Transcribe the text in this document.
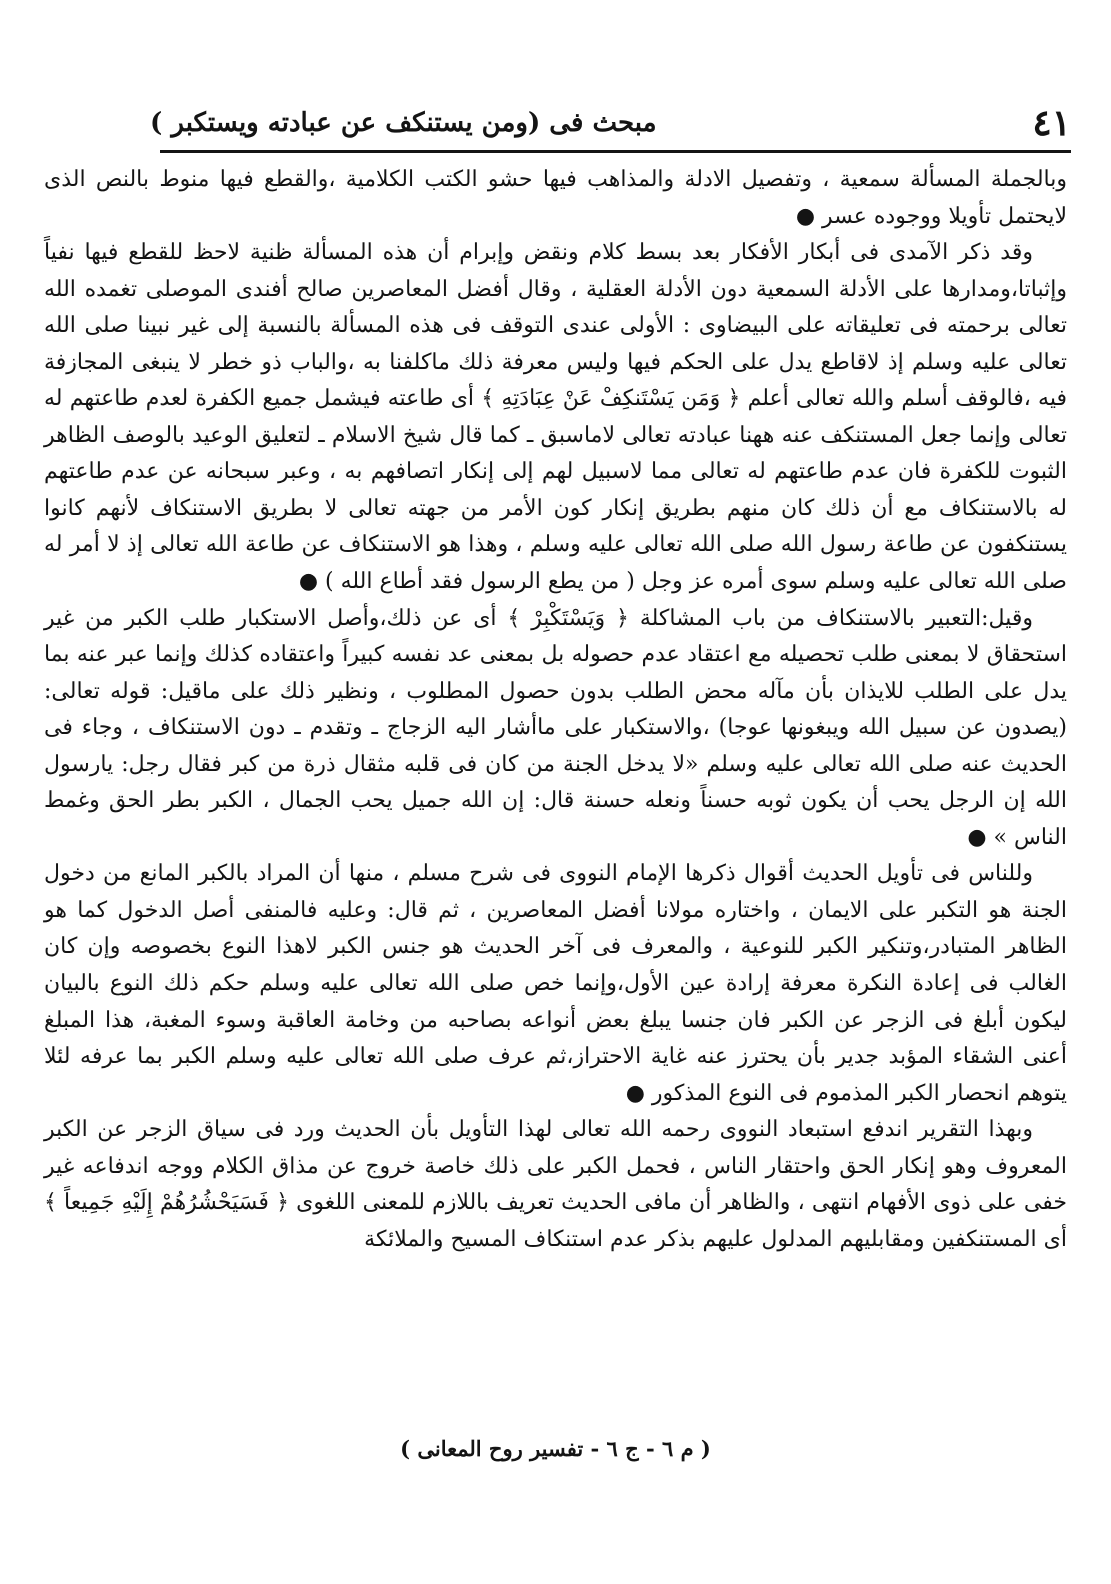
مبحث فى (ومن يستنكف عن عبادته ويستكبر )	٤١

وبالجملة المسألة سمعية ، وتفصيل الادلة والمذاهب فيها حشو الكتب الكلامية ،والقطع فيها منوط بالنص الذى لايحتمل تأويلا ووجوده عسر ●

وقد ذكر الآمدى فى أبكار الأفكار بعد بسط كلام ونقض وإبرام أن هذه المسألة ظنية لاحظ للقطع فيها نفياً وإثباتا،ومدارها على الأدلة السمعية دون الأدلة العقلية ، وقال أفضل المعاصرين صالح أفندى الموصلى تغمده الله تعالى برحمته فى تعليقاته على البيضاوى : الأولى عندى التوقف فى هذه المسألة بالنسبة إلى غير نبينا صلى الله تعالى عليه وسلم إذ لاقاطع يدل على الحكم فيها وليس معرفة ذلك ماكلفنا به ،والباب ذو خطر لا ينبغى المجازفة فيه ،فالوقف أسلم والله تعالى أعلم ﴿ وَمَن يَسْتَنكِفْ عَنْ عِبَادَتِهِ ﴾ أى طاعته فيشمل جميع الكفرة لعدم طاعتهم له تعالى وإنما جعل المستنكف عنه ههنا عبادته تعالى لاماسبق ـ كما قال شيخ الاسلام ـ لتعليق الوعيد بالوصف الظاهر الثبوت للكفرة فان عدم طاعتهم له تعالى مما لاسبيل لهم إلى إنكار اتصافهم به ، وعبر سبحانه عن عدم طاعتهم له بالاستنكاف مع أن ذلك كان منهم بطريق إنكار كون الأمر من جهته تعالى لا بطريق الاستنكاف لأنهم كانوا يستنكفون عن طاعة رسول الله صلى الله تعالى عليه وسلم ، وهذا هو الاستنكاف عن طاعة الله تعالى إذ لا أمر له صلى الله تعالى عليه وسلم سوى أمره عز وجل ( من يطع الرسول فقد أطاع الله ) ●

وقيل:التعبير بالاستنكاف من باب المشاكلة ﴿ وَيَسْتَكْبِرْ ﴾ أى عن ذلك،وأصل الاستكبار طلب الكبر من غير استحقاق لا بمعنى طلب تحصيله مع اعتقاد عدم حصوله بل بمعنى عد نفسه كبيراً واعتقاده كذلك وإنما عبر عنه بما يدل على الطلب للايذان بأن مآله محض الطلب بدون حصول المطلوب ، ونظير ذلك على ماقيل: قوله تعالى: (يصدون عن سبيل الله ويبغونها عوجا) ،والاستكبار على ماأشار اليه الزجاج ـ وتقدم ـ دون الاستنكاف ، وجاء فى الحديث عنه صلى الله تعالى عليه وسلم «لا يدخل الجنة من كان فى قلبه مثقال ذرة من كبر فقال رجل: يارسول الله إن الرجل يحب أن يكون ثوبه حسناً ونعله حسنة قال: إن الله جميل يحب الجمال ، الكبر بطر الحق وغمط الناس » ●

وللناس فى تأويل الحديث أقوال ذكرها الإمام النووى فى شرح مسلم ، منها أن المراد بالكبر المانع من دخول الجنة هو التكبر على الايمان ، واختاره مولانا أفضل المعاصرين ، ثم قال: وعليه فالمنفى أصل الدخول كما هو الظاهر المتبادر،وتنكير الكبر للنوعية ، والمعرف فى آخر الحديث هو جنس الكبر لاهذا النوع بخصوصه وإن كان الغالب فى إعادة النكرة معرفة إرادة عين الأول،وإنما خص صلى الله تعالى عليه وسلم حكم ذلك النوع بالبيان ليكون أبلغ فى الزجر عن الكبر فان جنسا يبلغ بعض أنواعه بصاحبه من وخامة العاقبة وسوء المغبة، هذا المبلغ أعنى الشقاء المؤبد جدير بأن يحترز عنه غاية الاحتراز،ثم عرف صلى الله تعالى عليه وسلم الكبر بما عرفه لئلا يتوهم انحصار الكبر المذموم فى النوع المذكور ●

وبهذا التقرير اندفع استبعاد النووى رحمه الله تعالى لهذا التأويل بأن الحديث ورد فى سياق الزجر عن الكبر المعروف وهو إنكار الحق واحتقار الناس ، فحمل الكبر على ذلك خاصة خروج عن مذاق الكلام ووجه اندفاعه غير خفى على ذوى الأفهام انتهى ، والظاهر أن مافى الحديث تعريف باللازم للمعنى اللغوى ﴿ فَسَيَحْشُرُهُمْ إِلَيْهِ جَمِيعاً ﴾ أى المستنكفين ومقابليهم المدلول عليهم بذكر عدم استنكاف المسيح والملائكة

( م ٦ - ج ٦ - تفسير روح المعانى )
